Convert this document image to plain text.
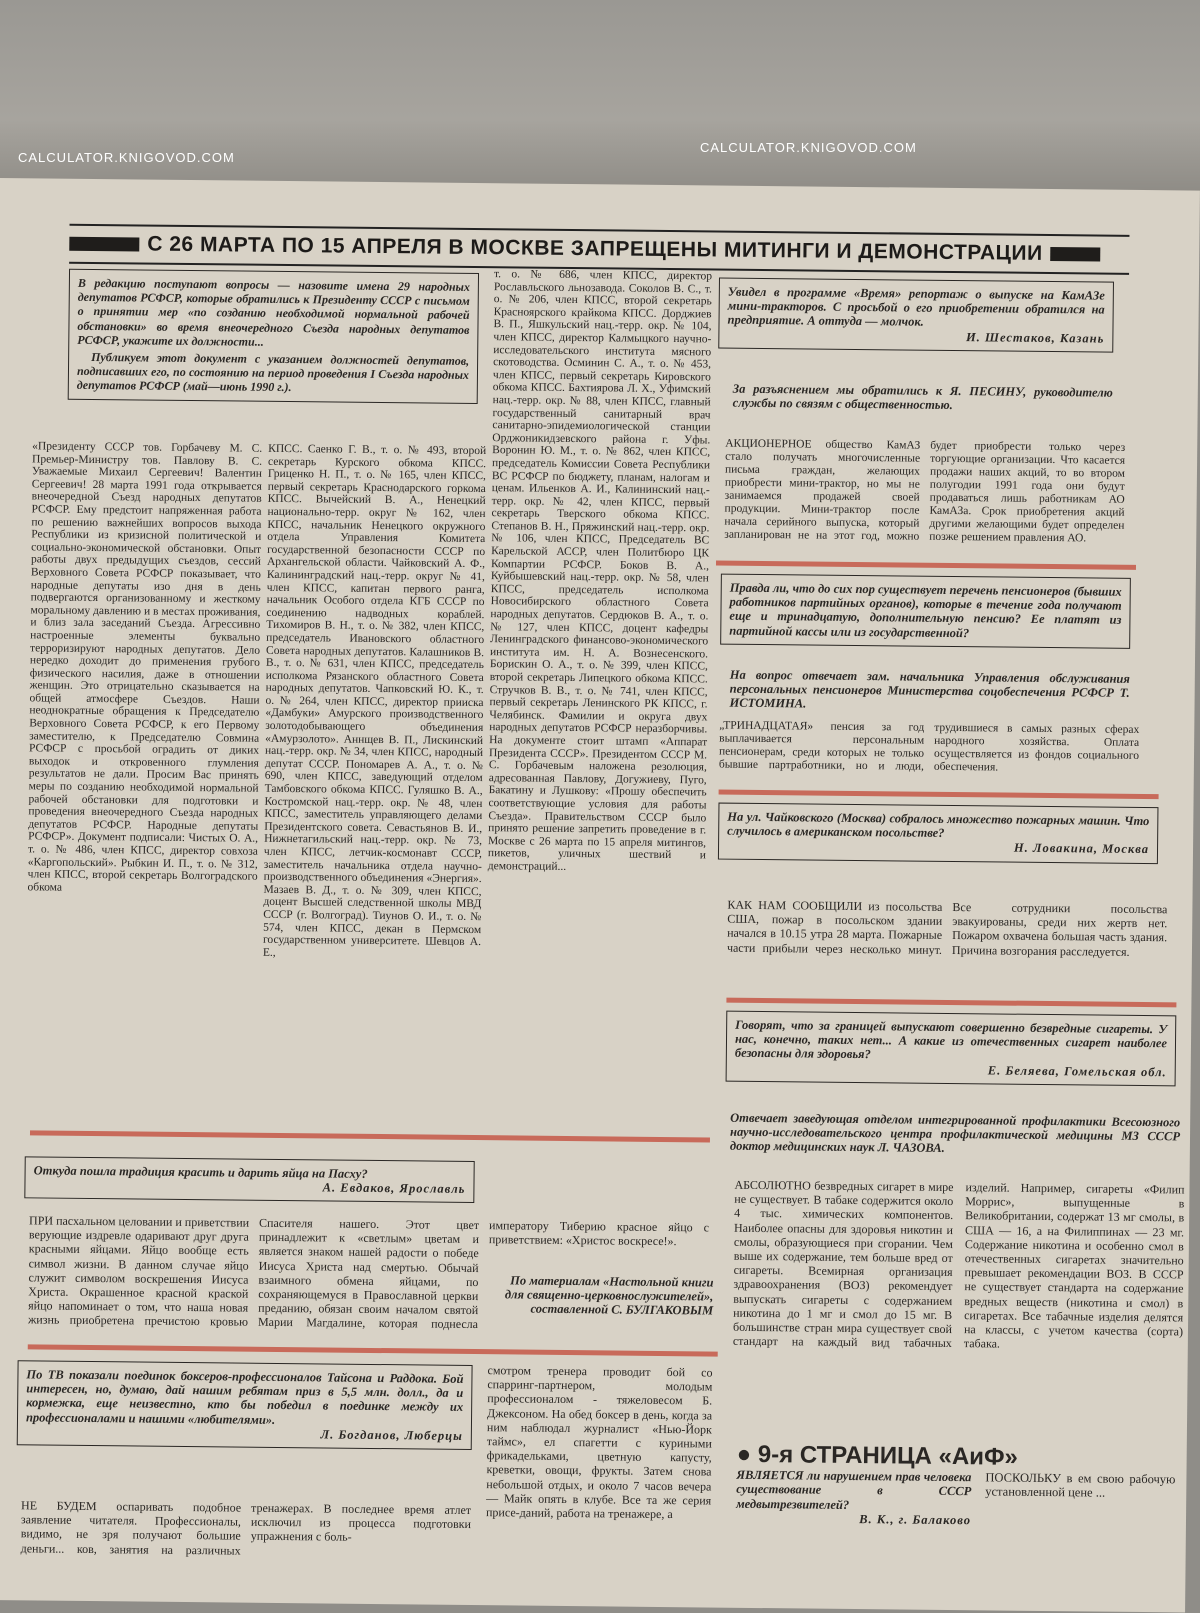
С 26 МАРТА ПО 15 АПРЕЛЯ В МОСКВЕ ЗАПРЕЩЕНЫ МИТИНГИ И ДЕМОНСТРАЦИИ
В редакцию поступают вопросы — назовите имена 29 народных депутатов РСФСР, которые обратились к Президенту СССР с письмом о принятии мер «по созданию необходимой нормальной рабочей обстановки» во время внеочередного Съезда народных депутатов РСФСР, укажите их должности...
Публикуем этот документ с указанием должностей депутатов, подписавших его, по состоянию на период проведения I Съезда народных депутатов РСФСР (май—июнь 1990 г.).
«Президенту СССР тов. Горбачеву М. С. Премьер-Министру тов. Павлову В. С. Уважаемые Михаил Сергеевич! Валентин Сергеевич! 28 марта 1991 года открывается внеочередной Съезд народных депутатов РСФСР. Ему предстоит напряженная работа по решению важнейших вопросов выхода Республики из кризисной политической и социально-экономической обстановки. Опыт работы двух предыдущих съездов, сессий Верховного Совета РСФСР показывает, что народные депутаты изо дня в день подвергаются организованному и жесткому моральному давлению и в местах проживания, и близ зала заседаний Съезда. Агрессивно настроенные элементы буквально терроризируют народных депутатов. Дело нередко доходит до применения грубого физического насилия, даже в отношении женщин. Это отрицательно сказывается на общей атмосфере Съездов. Наши неоднократные обращения к Председателю Верховного Совета РСФСР, к его Первому заместителю, к Председателю Совмина РСФСР с просьбой оградить от диких выходок и откровенного глумления результатов не дали. Просим Вас принять меры по созданию необходимой нормальной рабочей обстановки для подготовки и проведения внеочередного Съезда народных депутатов РСФСР. Народные депутаты РСФСР». Документ подписали: Чистых О. А., т. о. № 486, член КПСС, директор совхоза «Каргопольский». Рыбкин И. П., т. о. № 312, член КПСС, второй секретарь Волгоградского обкома
КПСС. Саенко Г. В., т. о. № 493, второй секретарь Курского обкома КПСС. Гриценко Н. П., т. о. № 165, член КПСС, первый секретарь Краснодарского горкома КПСС. Вычейский В. А., Ненецкий национально-терр. округ № 162, член КПСС, начальник Ненецкого окружного отдела Управления Комитета государственной безопасности СССР по Архангельской области. Чайковский А. Ф., Калининградский нац.-терр. округ № 41, член КПСС, капитан первого ранга, начальник Особого отдела КГБ СССР по соединению надводных кораблей. Тихомиров В. Н., т. о. № 382, член КПСС, председатель Ивановского областного Совета народных депутатов. Калашников В. В., т. о. № 631, член КПСС, председатель исполкома Рязанского областного Совета народных депутатов. Чапковский Ю. К., т. о. № 264, член КПСС, директор прииска «Дамбуки» Амурского производственного золотодобывающего объединения «Амурзолото». Аннщев В. П., Лискинский нац.-терр. окр. № 34, член КПСС, народный депутат СССР. Пономарев А. А., т. о. № 690, член КПСС, заведующий отделом Тамбовского обкома КПСС. Гуляшко В. А., Костромской нац.-терр. окр. № 48, член КПСС, заместитель управляющего делами Президентского совета. Севастьянов В. И., Нижнетагильский нац.-терр. окр. № 73, член КПСС, летчик-космонавт СССР, заместитель начальника отдела научно-производственного объединения «Энергия». Мазаев В. Д., т. о. № 309, член КПСС, доцент Высшей следственной школы МВД СССР (г. Волгоград). Тиунов О. И., т. о. № 574, член КПСС, декан в Пермском государственном университете. Шевцов А. Е.,
т. о. № 686, член КПСС, директор Рославльского льнозавода. Соколов В. С., т. о. № 206, член КПСС, второй секретарь Красноярского крайкома КПСС. Дорджиев В. П., Яшкульский нац.-терр. окр. № 104, член КПСС, директор Калмыцкого научно-исследовательского института мясного скотоводства. Осминин С. А., т. о. № 453, член КПСС, первый секретарь Кировского обкома КПСС. Бахтиярова Л. Х., Уфимский нац.-терр. окр. № 88, член КПСС, главный государственный санитарный врач санитарно-эпидемиологической станции Орджоникидзевского района г. Уфы. Воронин Ю. М., т. о. № 862, член КПСС, председатель Комиссии Совета Республики ВС РСФСР по бюджету, планам, налогам и ценам. Ильенков А. И., Калининский нац.-терр. окр. № 42, член КПСС, первый секретарь Тверского обкома КПСС. Степанов В. Н., Пряжинский нац.-терр. окр. № 106, член КПСС, Председатель ВС Карельской АССР, член Политбюро ЦК Компартии РСФСР. Боков В. А., Куйбышевский нац.-терр. окр. № 58, член КПСС, председатель исполкома Новосибирского областного Совета народных депутатов. Сердюков В. А., т. о. № 127, член КПСС, доцент кафедры Ленинградского финансово-экономического института им. Н. А. Вознесенского. Борискин О. А., т. о. № 399, член КПСС, второй секретарь Липецкого обкома КПСС. Стручков В. В., т. о. № 741, член КПСС, первый секретарь Ленинского РК КПСС, г. Челябинск. Фамилии и округа двух народных депутатов РСФСР неразборчивы. На документе стоит штамп «Аппарат Президента СССР». Президентом СССР М. С. Горбачевым наложена резолюция, адресованная Павлову, Догужиеву, Пуго, Бакатину и Лушкову: «Прошу обеспечить соответствующие условия для работы Съезда». Правительством СССР было принято решение запретить проведение в г. Москве с 26 марта по 15 апреля митингов, пикетов, уличных шествий и демонстраций...
Увидел в программе «Время» репортаж о выпуске на КамАЗе мини-тракторов. С просьбой о его приобретении обратился на предприятие. А оттуда — молчок.
И. Шестаков, Казань
За разъяснением мы обратились к Я. ПЕСИНУ, руководителю службы по связям с общественностью.
АКЦИОНЕРНОЕ общество КамАЗ стало получать многочисленные письма граждан, желающих приобрести мини-трактор, но мы не занимаемся продажей своей продукции. Мини-трактор после начала серийного выпуска, который запланирован не на этот год, можно будет приобрести только через торгующие организации. Что касается продажи наших акций, то во втором полугодии 1991 года они будут продаваться лишь работникам АО КамАЗа. Срок приобретения акций другими желающими будет определен позже решением правления АО.
Правда ли, что до сих пор существует перечень пенсионеров (бывших работников партийных органов), которые в течение года получают еще и тринадцатую, дополнительную пенсию? Ее платят из партийной кассы или из государственной?
На вопрос отвечает зам. начальника Управления обслуживания персональных пенсионеров Министерства соцобеспечения РСФСР Т. ИСТОМИНА.
„ТРИНАДЦАТАЯ» пенсия за год выплачивается персональным пенсионерам, среди которых не только бывшие партработники, но и люди, трудившиеся в самых разных сферах народного хозяйства. Оплата осуществляется из фондов социального обеспечения.
На ул. Чайковского (Москва) собралось множество пожарных машин. Что случилось в американском посольстве?
Н. Ловакина, Москва
КАК НАМ СООБЩИЛИ из посольства США, пожар в посольском здании начался в 10.15 утра 28 марта. Пожарные части прибыли через несколько минут. Все сотрудники посольства эвакуированы, среди них жертв нет. Пожаром охвачена большая часть здания. Причина возгорания расследуется.
Говорят, что за границей выпускают совершенно безвредные сигареты. У нас, конечно, таких нет... А какие из отечественных сигарет наиболее безопасны для здоровья?
Е. Беляева, Гомельская обл.
Отвечает заведующая отделом интегрированной профилактики Всесоюзного научно-исследовательского центра профилактической медицины МЗ СССР доктор медицинских наук Л. ЧАЗОВА.
АБСОЛЮТНО безвредных сигарет в мире не существует. В табаке содержится около 4 тыс. химических компонентов. Наиболее опасны для здоровья никотин и смолы, образующиеся при сгорании. Чем выше их содержание, тем больше вред от сигареты. Всемирная организация здравоохранения (ВОЗ) рекомендует выпускать сигареты с содержанием никотина до 1 мг и смол до 15 мг. В большинстве стран мира существует свой стандарт на каждый вид табачных изделий. Например, сигареты «Филип Моррис», выпущенные в Великобритании, содержат 13 мг смолы, в США — 16, а на Филиппинах — 23 мг. Содержание никотина и особенно смол в отечественных сигаретах значительно превышает рекомендации ВОЗ. В СССР не существует стандарта на содержание вредных веществ (никотина и смол) в сигаретах. Все табачные изделия делятся на классы, с учетом качества (сорта) табака.
Откуда пошла традиция красить и дарить яйца на Пасху?
А. Евдаков, Ярославль
ПРИ пасхальном целовании и приветствии верующие издревле одаривают друг друга красными яйцами. Яйцо вообще есть символ жизни. В данном случае яйцо служит символом воскрешения Иисуса Христа. Окрашенное красной краской яйцо напоминает о том, что наша новая жизнь приобретена пречистою кровью Спасителя нашего. Этот цвет принадлежит к «светлым» цветам и является знаком нашей радости о победе Иисуса Христа над смертью. Обычай взаимного обмена яйцами, по сохраняющемуся в Православной церкви преданию, обязан своим началом святой Марии Магдалине, которая поднесла императору Тиберию красное яйцо с приветствием: «Христос воскресе!».
По материалам «Настольной книги для священно-церковнослужителей», составленной С. БУЛГАКОВЫМ
По ТВ показали поединок боксеров-профессионалов Тайсона и Раддока. Бой интересен, но, думаю, дай нашим ребятам приз в 5,5 млн. долл., да и кормежка, еще неизвестно, кто бы победил в поединке между их профессионалами и нашими «любителями».
Л. Богданов, Люберцы
НЕ БУДЕМ оспаривать подобное заявление читателя. Профессионалы, видимо, не зря получают большие деньги... ков, занятия на различных тренажерах. В последнее время атлет исключил из процесса подготовки упражнения с боль-
смотром тренера проводит бой со спарринг-партнером, молодым профессионалом - тяжеловесом Б. Джексоном. На обед боксер в день, когда за ним наблюдал журналист «Нью-Йорк таймс», ел спагетти с куриными фрикадельками, цветную капусту, креветки, овощи, фрукты. Затем снова небольшой отдых, и около 7 часов вечера — Майк опять в клубе. Все та же серия присе-даний, работа на тренажере, а
● 9-я СТРАНИЦА «АиФ»
ЯВЛЯЕТСЯ ли нарушением прав человека существование в СССР медвытрезвителей?
В. К., г. Балаково
ПОСКОЛЬКУ в ем свою рабочую установленной цене ...
CALCULATOR.KNIGOVOD.COM
CALCULATOR.KNIGOVOD.COM
